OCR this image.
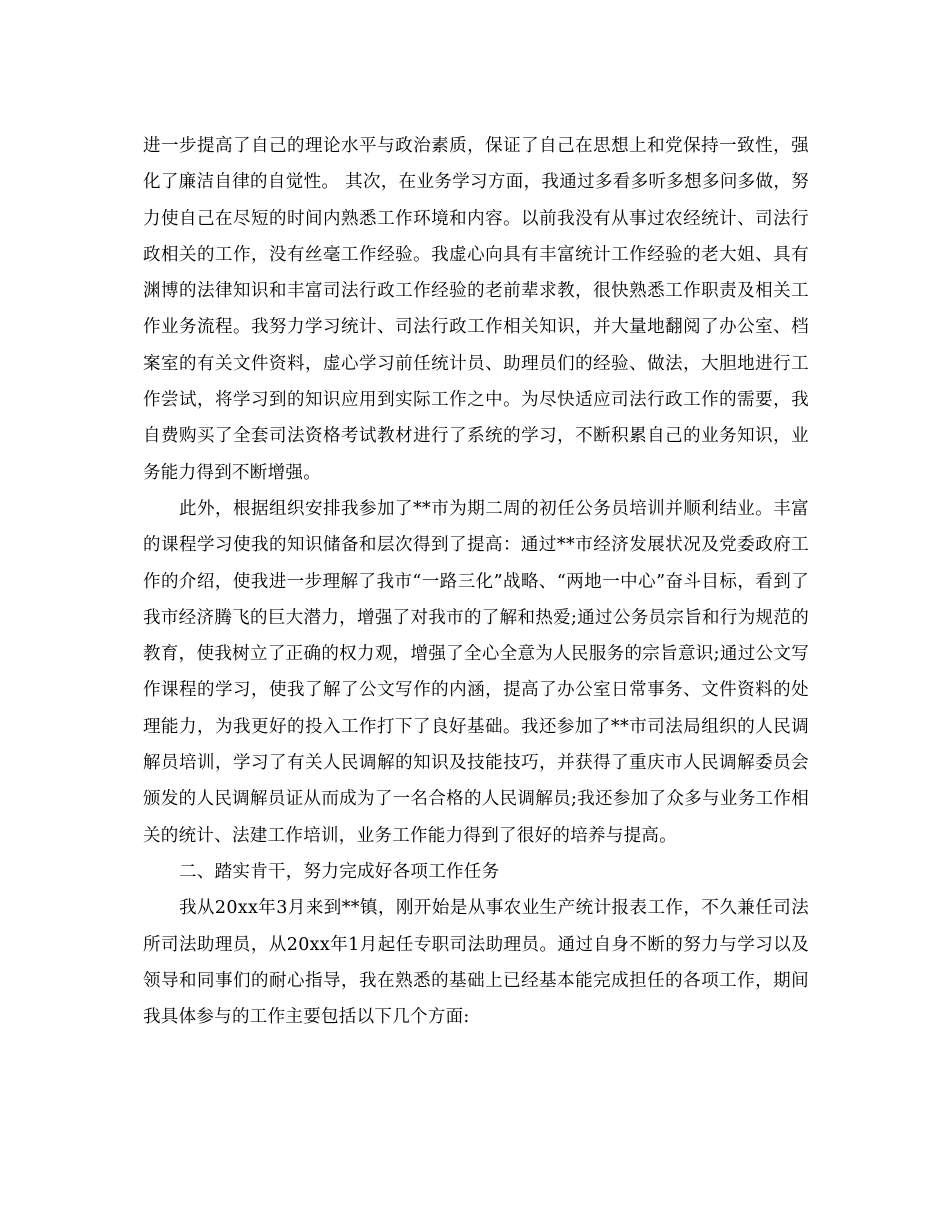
进一步提高了自己的理论水平与政治素质，保证了自己在思想上和党保持一致性，强化了廉洁自律的自觉性。 其次，在业务学习方面，我通过多看多听多想多问多做，努力使自己在尽短的时间内熟悉工作环境和内容。以前我没有从事过农经统计、司法行政相关的工作，没有丝毫工作经验。我虚心向具有丰富统计工作经验的老大姐、具有渊博的法律知识和丰富司法行政工作经验的老前辈求教，很快熟悉工作职责及相关工作业务流程。我努力学习统计、司法行政工作相关知识，并大量地翻阅了办公室、档案室的有关文件资料，虚心学习前任统计员、助理员们的经验、做法，大胆地进行工作尝试，将学习到的知识应用到实际工作之中。为尽快适应司法行政工作的需要，我自费购买了全套司法资格考试教材进行了系统的学习，不断积累自己的业务知识，业务能力得到不断增强。

此外，根据组织安排我参加了**市为期二周的初任公务员培训并顺利结业。丰富的课程学习使我的知识储备和层次得到了提高：通过**市经济发展状况及党委政府工作的介绍，使我进一步理解了我市“一路三化”战略、“两地一中心”奋斗目标，看到了我市经济腾飞的巨大潜力，增强了对我市的了解和热爱;通过公务员宗旨和行为规范的教育，使我树立了正确的权力观，增强了全心全意为人民服务的宗旨意识;通过公文写作课程的学习，使我了解了公文写作的内涵，提高了办公室日常事务、文件资料的处理能力，为我更好的投入工作打下了良好基础。我还参加了**市司法局组织的人民调解员培训，学习了有关人民调解的知识及技能技巧，并获得了重庆市人民调解委员会颁发的人民调解员证从而成为了一名合格的人民调解员;我还参加了众多与业务工作相关的统计、法建工作培训，业务工作能力得到了很好的培养与提高。

二、踏实肯干，努力完成好各项工作任务

我从20xx年3月来到**镇，刚开始是从事农业生产统计报表工作，不久兼任司法所司法助理员，从20xx年1月起任专职司法助理员。通过自身不断的努力与学习以及领导和同事们的耐心指导，我在熟悉的基础上已经基本能完成担任的各项工作，期间我具体参与的工作主要包括以下几个方面:
